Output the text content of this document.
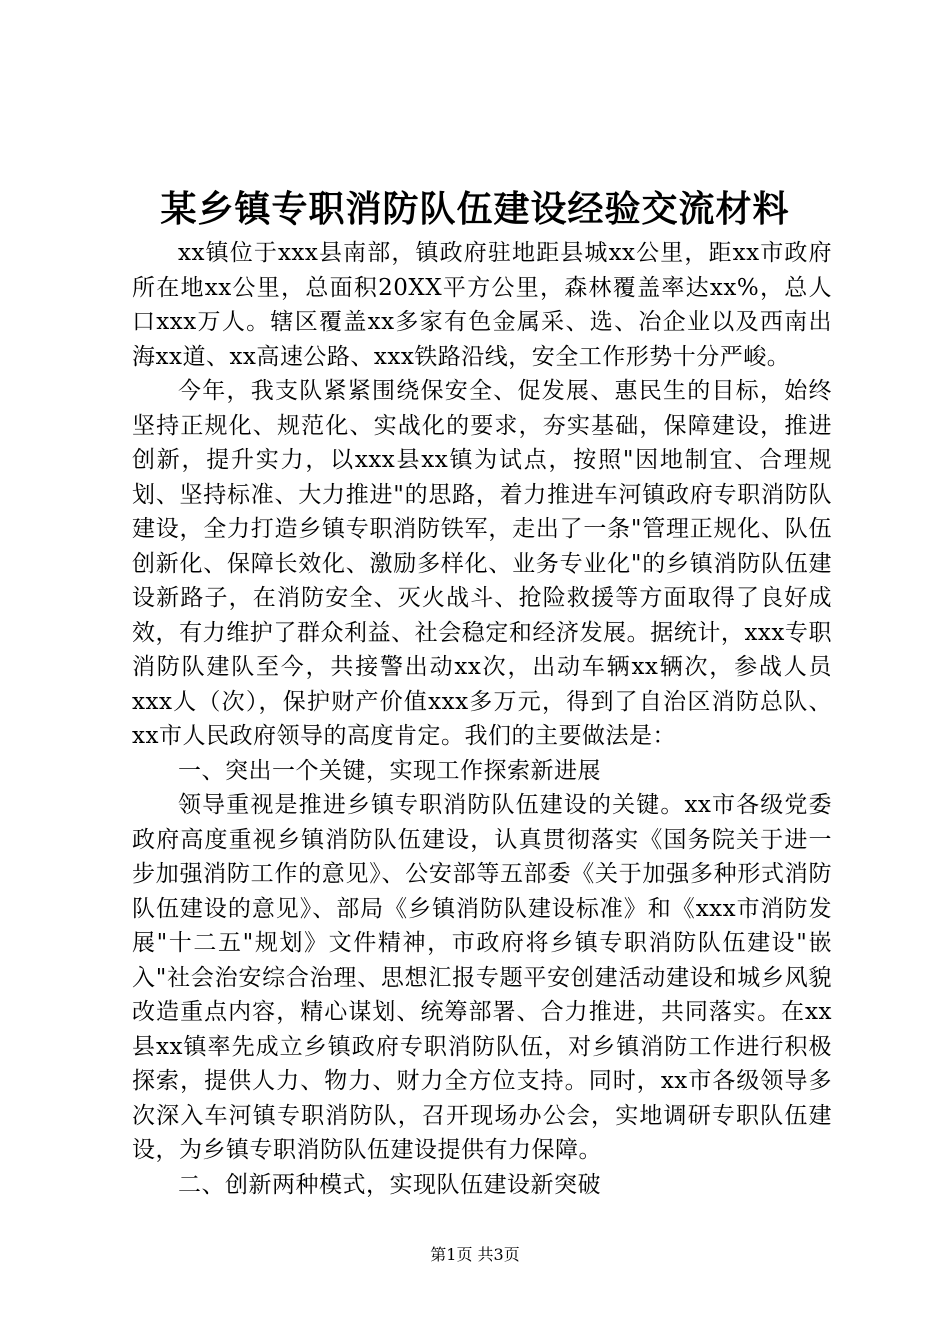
某乡镇专职消防队伍建设经验交流材料

xx镇位于xxx县南部，镇政府驻地距县城xx公里，距xx市政府所在地xx公里，总面积20XX平方公里，森林覆盖率达xx%，总人口xxx万人。辖区覆盖xx多家有色金属采、选、冶企业以及西南出海xx道、xx高速公路、xxx铁路沿线，安全工作形势十分严峻。

今年，我支队紧紧围绕保安全、促发展、惠民生的目标，始终坚持正规化、规范化、实战化的要求，夯实基础，保障建设，推进创新，提升实力，以xxx县xx镇为试点，按照"因地制宜、合理规划、坚持标准、大力推进"的思路，着力推进车河镇政府专职消防队建设，全力打造乡镇专职消防铁军，走出了一条"管理正规化、队伍创新化、保障长效化、激励多样化、业务专业化"的乡镇消防队伍建设新路子，在消防安全、灭火战斗、抢险救援等方面取得了良好成效，有力维护了群众利益、社会稳定和经济发展。据统计，xxx专职消防队建队至今，共接警出动xx次，出动车辆xx辆次，参战人员xxx人（次），保护财产价值xxx多万元，得到了自治区消防总队、xx市人民政府领导的高度肯定。我们的主要做法是：

一、突出一个关键，实现工作探索新进展

领导重视是推进乡镇专职消防队伍建设的关键。xx市各级党委政府高度重视乡镇消防队伍建设，认真贯彻落实《国务院关于进一步加强消防工作的意见》、公安部等五部委《关于加强多种形式消防队伍建设的意见》、部局《乡镇消防队建设标准》和《xxx市消防发展"十二五"规划》文件精神，市政府将乡镇专职消防队伍建设"嵌入"社会治安综合治理、思想汇报专题平安创建活动建设和城乡风貌改造重点内容，精心谋划、统筹部署、合力推进，共同落实。在xx县xx镇率先成立乡镇政府专职消防队伍，对乡镇消防工作进行积极探索，提供人力、物力、财力全方位支持。同时，xx市各级领导多次深入车河镇专职消防队，召开现场办公会，实地调研专职队伍建设，为乡镇专职消防队伍建设提供有力保障。

二、创新两种模式，实现队伍建设新突破

第1页 共3页
